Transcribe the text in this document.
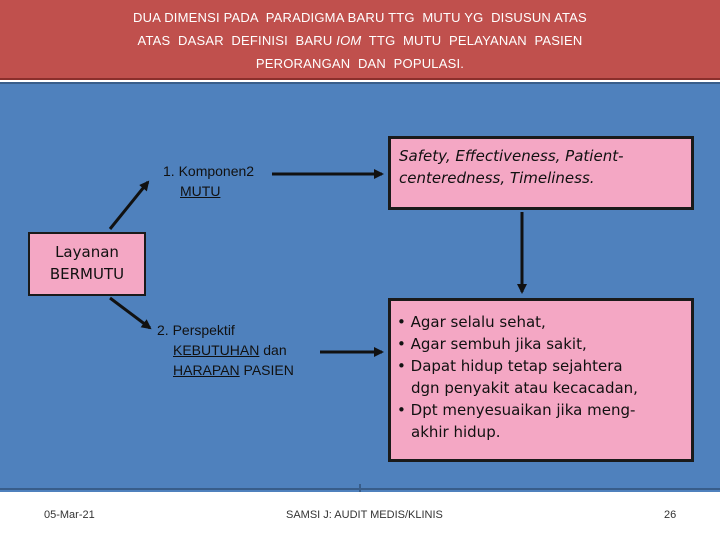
DUA DIMENSI PADA  PARADIGMA BARU TTG  MUTU YG  DISUSUN ATAS
ATAS  DASAR  DEFINISI  BARU IOM  TTG  MUTU  PELAYANAN  PASIEN
PERORANGAN  DAN  POPULASI.
Layanan
BERMUTU
1. Komponen2
MUTU
2. Perspektif
KEBUTUHAN dan
HARAPAN PASIEN
Safety, Effectiveness, Patient-
centeredness, Timeliness.
• Agar selalu sehat,
• Agar sembuh jika sakit,
• Dapat hidup tetap sejahtera
dgn penyakit atau kecacadan,
• Dpt menyesuaikan jika meng-
akhir hidup.
05-Mar-21	SAMSI J: AUDIT MEDIS/KLINIS	26
